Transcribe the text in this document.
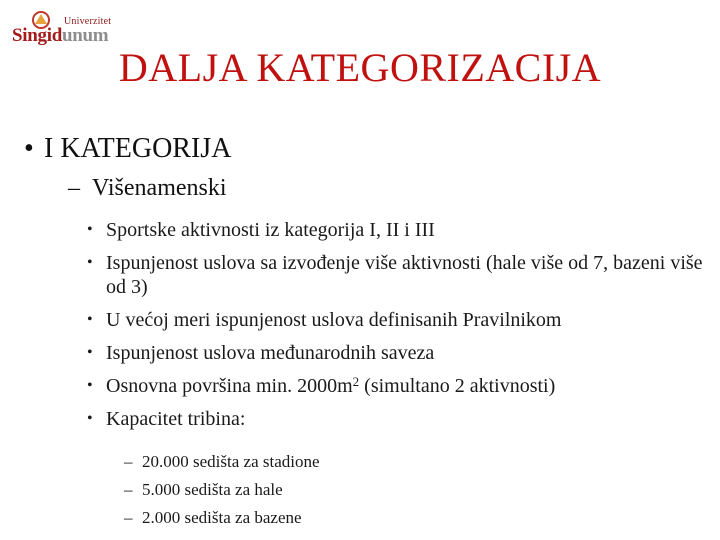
Univerzitet
Singidunum
DALJA KATEGORIZACIJA
• I KATEGORIJA
– Višenamenski
• Sportske aktivnosti iz kategorija I, II i III
• Ispunjenost uslova sa izvođenje više aktivnosti (hale više od 7, bazeni više od 3)
• U većoj meri ispunjenost uslova definisanih Pravilnikom
• Ispunjenost uslova međunarodnih saveza
• Osnovna površina min. $2000m^2$ (simultano 2 aktivnosti)
• Kapacitet tribina:
– 20.000 sedišta za stadione
– 5.000 sedišta za hale
– 2.000 sedišta za bazene
